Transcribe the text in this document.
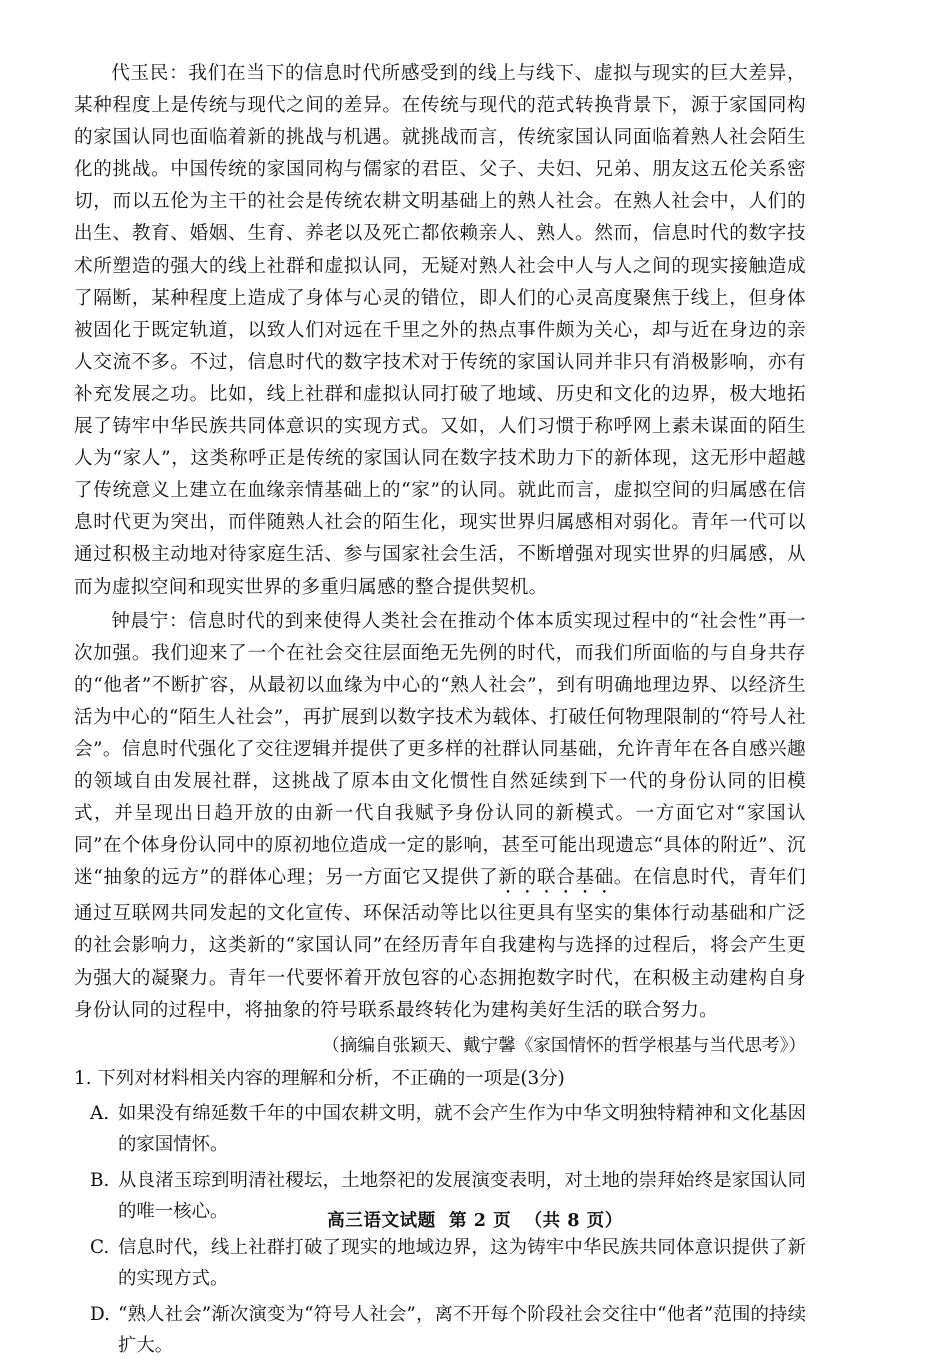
代玉民：我们在当下的信息时代所感受到的线上与线下、虚拟与现实的巨大差异，某种程度上是传统与现代之间的差异。在传统与现代的范式转换背景下，源于家国同构的家国认同也面临着新的挑战与机遇。就挑战而言，传统家国认同面临着熟人社会陌生化的挑战。中国传统的家国同构与儒家的君臣、父子、夫妇、兄弟、朋友这五伦关系密切，而以五伦为主干的社会是传统农耕文明基础上的熟人社会。在熟人社会中，人们的出生、教育、婚姻、生育、养老以及死亡都依赖亲人、熟人。然而，信息时代的数字技术所塑造的强大的线上社群和虚拟认同，无疑对熟人社会中人与人之间的现实接触造成了隔断，某种程度上造成了身体与心灵的错位，即人们的心灵高度聚焦于线上，但身体被固化于既定轨道，以致人们对远在千里之外的热点事件颇为关心，却与近在身边的亲人交流不多。不过，信息时代的数字技术对于传统的家国认同并非只有消极影响，亦有补充发展之功。比如，线上社群和虚拟认同打破了地域、历史和文化的边界，极大地拓展了铸牢中华民族共同体意识的实现方式。又如，人们习惯于称呼网上素未谋面的陌生人为“家人”，这类称呼正是传统的家国认同在数字技术助力下的新体现，这无形中超越了传统意义上建立在血缘亲情基础上的“家”的认同。就此而言，虚拟空间的归属感在信息时代更为突出，而伴随熟人社会的陌生化，现实世界归属感相对弱化。青年一代可以通过积极主动地对待家庭生活、参与国家社会生活，不断增强对现实世界的归属感，从而为虚拟空间和现实世界的多重归属感的整合提供契机。

钟晨宁：信息时代的到来使得人类社会在推动个体本质实现过程中的“社会性”再一次加强。我们迎来了一个在社会交往层面绝无先例的时代，而我们所面临的与自身共存的“他者”不断扩容，从最初以血缘为中心的“熟人社会”，到有明确地理边界、以经济生活为中心的“陌生人社会”，再扩展到以数字技术为载体、打破任何物理限制的“符号人社会”。信息时代强化了交往逻辑并提供了更多样的社群认同基础，允许青年在各自感兴趣的领域自由发展社群，这挑战了原本由文化惯性自然延续到下一代的身份认同的旧模式，并呈现出日趋开放的由新一代自我赋予身份认同的新模式。一方面它对“家国认同”在个体身份认同中的原初地位造成一定的影响，甚至可能出现遗忘“具体的附近”、沉迷“抽象的远方”的群体心理；另一方面它又提供了新的联合基础。在信息时代，青年们通过互联网共同发起的文化宣传、环保活动等比以往更具有坚实的集体行动基础和广泛的社会影响力，这类新的“家国认同”在经历青年自我建构与选择的过程后，将会产生更为强大的凝聚力。青年一代要怀着开放包容的心态拥抱数字时代，在积极主动建构自身身份认同的过程中，将抽象的符号联系最终转化为建构美好生活的联合努力。

（摘编自张颖天、戴宁馨《家国情怀的哲学根基与当代思考》）

1. 下列对材料相关内容的理解和分析，不正确的一项是(3分)

A. 如果没有绵延数千年的中国农耕文明，就不会产生作为中华文明独特精神和文化基因的家国情怀。

B. 从良渚玉琮到明清社稷坛，土地祭祀的发展演变表明，对土地的崇拜始终是家国认同的唯一核心。

C. 信息时代，线上社群打破了现实的地域边界，这为铸牢中华民族共同体意识提供了新的实现方式。

D. “熟人社会”渐次演变为“符号人社会”，离不开每个阶段社会交往中“他者”范围的持续扩大。

高三语文试题 第 2 页 （共 8 页）
